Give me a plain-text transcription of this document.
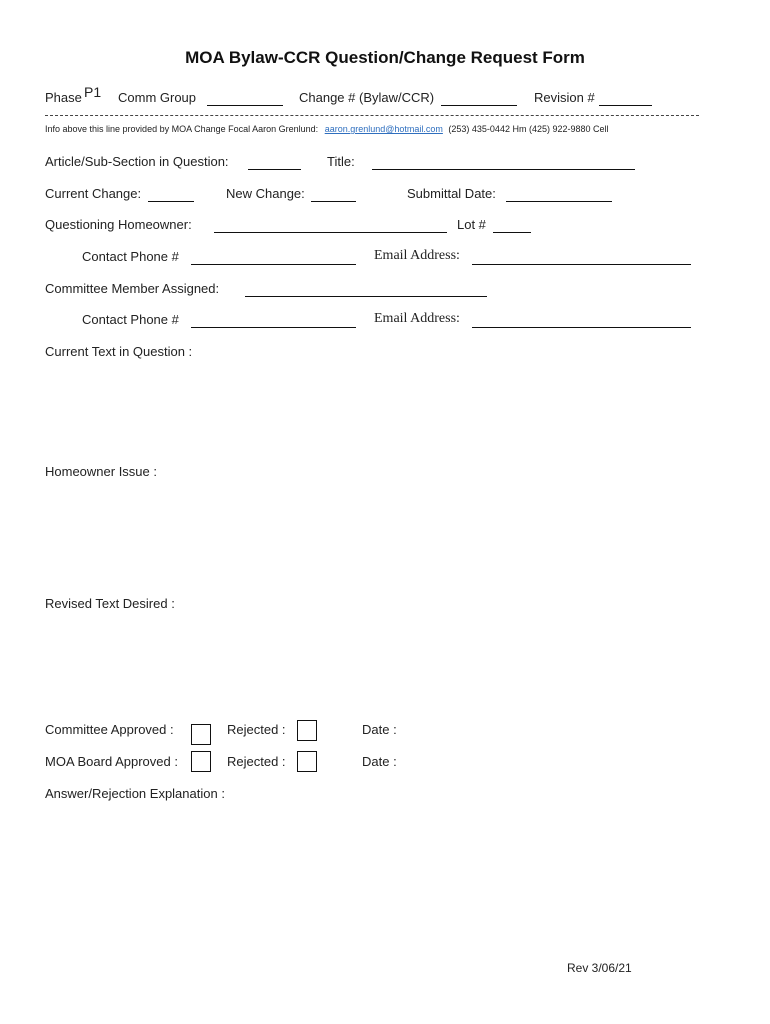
MOA Bylaw-CCR Question/Change Request Form
Phase P1 Comm Group	Change # (Bylaw/CCR)	Revision #
Info above this line provided by MOA Change Focal Aaron Grenlund: aaron.grenlund@hotmail.com (253) 435-0442 Hm (425) 922-9880 Cell
Article/Sub-Section in Question:	Title:
Current Change:	New Change:	Submittal Date:
Questioning Homeowner:	Lot #
Contact Phone #	Email Address:
Committee Member Assigned:
Contact Phone #	Email Address:
Current Text in Question :
Homeowner Issue :
Revised Text Desired :
Committee Approved :	Rejected :	Date :
MOA Board Approved :	Rejected :	Date :
Answer/Rejection Explanation :
Rev 3/06/21
